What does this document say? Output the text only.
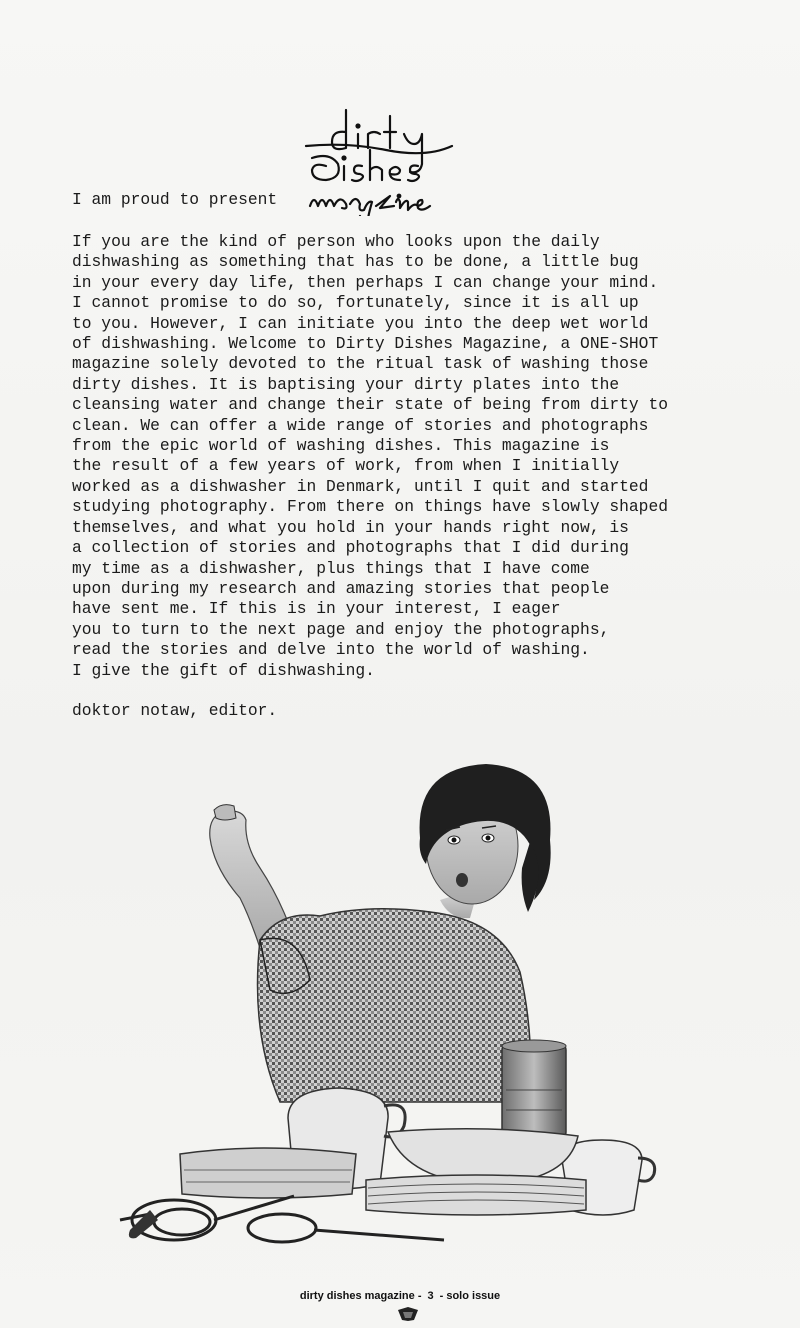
I am proud to present
If you are the kind of person who looks upon the daily
dishwashing as something that has to be done, a little bug
in your every day life, then perhaps I can change your mind.
I cannot promise to do so, fortunately, since it is all up
to you. However, I can initiate you into the deep wet world
of dishwashing. Welcome to Dirty Dishes Magazine, a ONE-SHOT
magazine solely devoted to the ritual task of washing those
dirty dishes. It is baptising your dirty plates into the
cleansing water and change their state of being from dirty to
clean. We can offer a wide range of stories and photographs
from the epic world of washing dishes. This magazine is
the result of a few years of work, from when I initially
worked as a dishwasher in Denmark, until I quit and started
studying photography. From there on things have slowly shaped
themselves, and what you hold in your hands right now, is
a collection of stories and photographs that I did during
my time as a dishwasher, plus things that I have come
upon during my research and amazing stories that people
have sent me. If this is in your interest, I eager
you to turn to the next page and enjoy the photographs,
read the stories and delve into the world of washing.
I give the gift of dishwashing.
doktor notaw, editor.
dirty dishes magazine - 3 - solo issue
